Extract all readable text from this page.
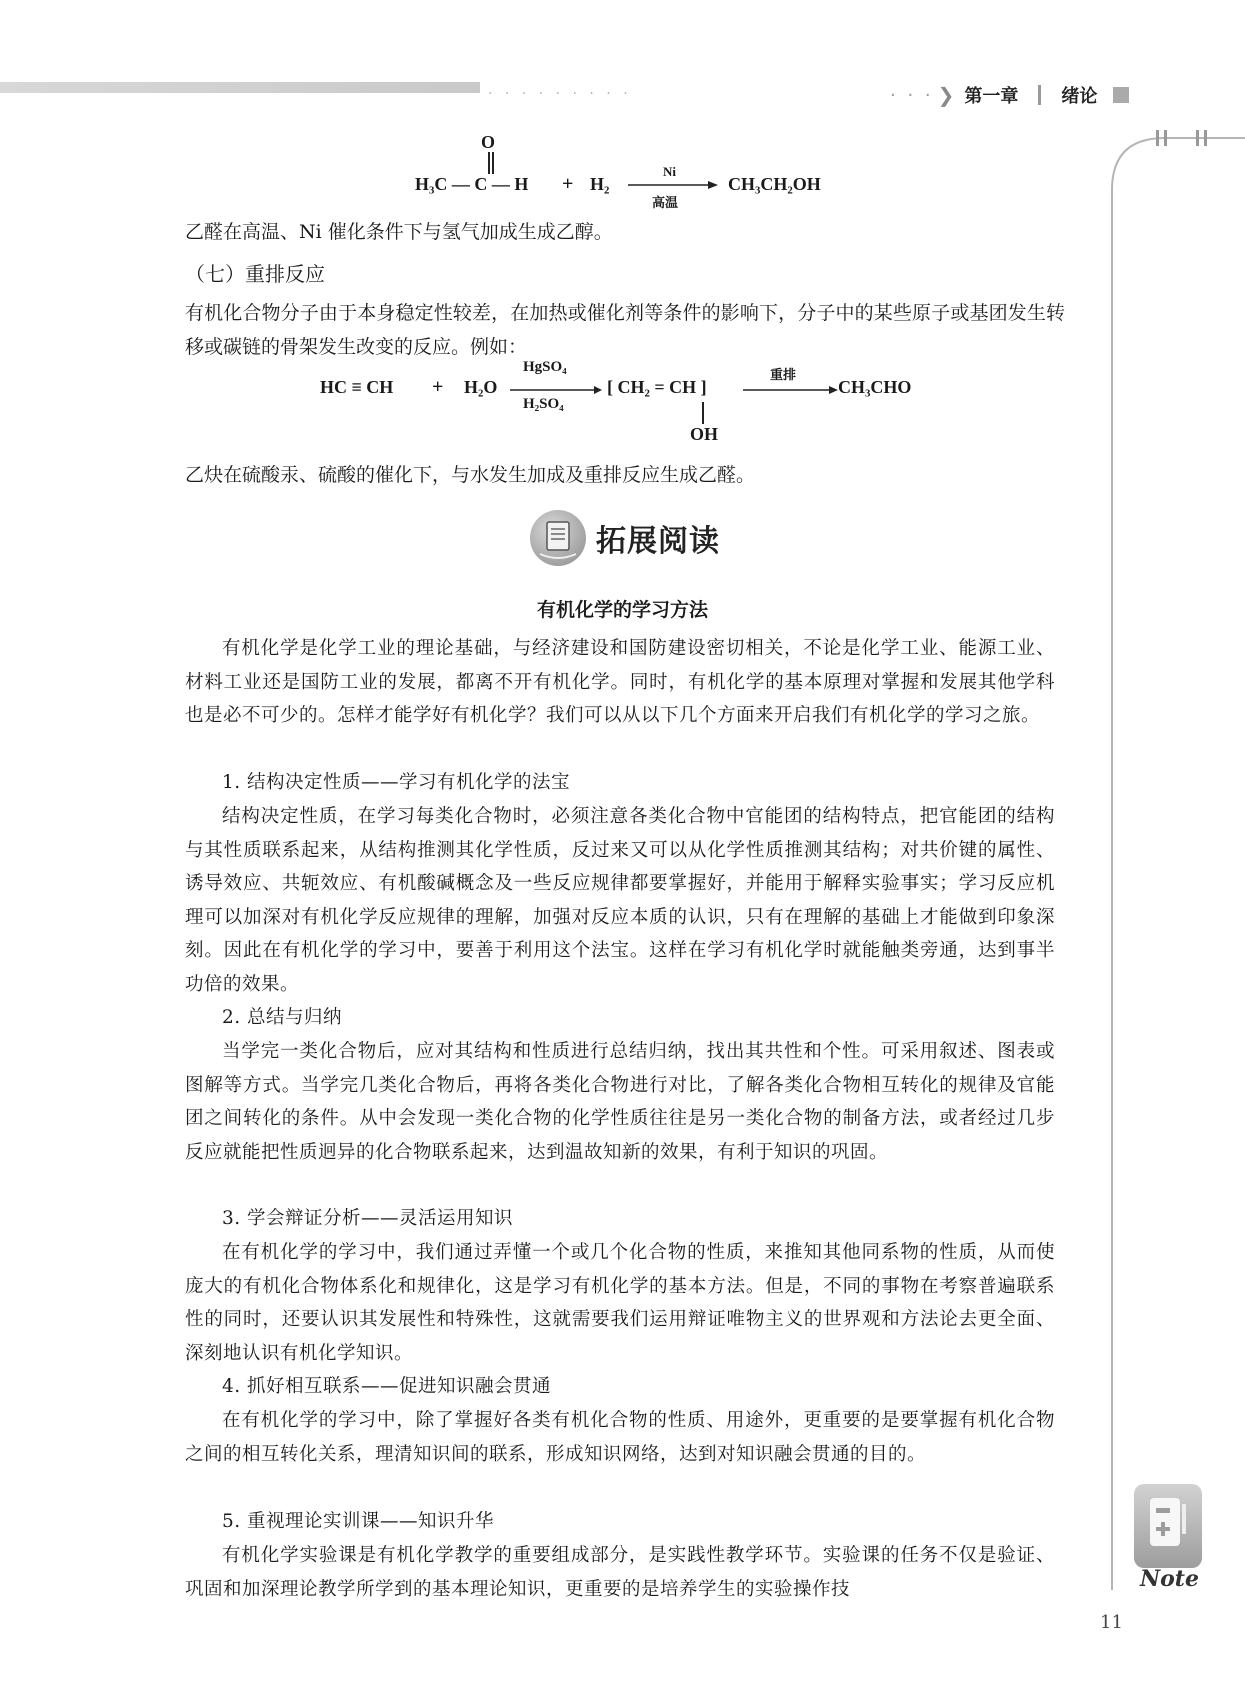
· · · · · · · · ·	· · · ❯ 第一章 绪论
O
H₃C — C — H + H₂
Ni
高温
CH₃CH₂OH
乙醛在高温、Ni 催化条件下与氢气加成生成乙醇。
（七）重排反应
有机化合物分子由于本身稳定性较差，在加热或催化剂等条件的影响下，分子中的某些原子或基团发生转移或碳链的骨架发生改变的反应。例如：
HC ≡ CH + H₂O
HgSO₄
H₂SO₄
[ CH₂ = CH ]
OH
重排
CH₃CHO
乙炔在硫酸汞、硫酸的催化下，与水发生加成及重排反应生成乙醛。
拓展阅读
有机化学的学习方法
有机化学是化学工业的理论基础，与经济建设和国防建设密切相关，不论是化学工业、能源工业、材料工业还是国防工业的发展，都离不开有机化学。同时，有机化学的基本原理对掌握和发展其他学科也是必不可少的。怎样才能学好有机化学？我们可以从以下几个方面来开启我们有机化学的学习之旅。
1. 结构决定性质——学习有机化学的法宝
结构决定性质，在学习每类化合物时，必须注意各类化合物中官能团的结构特点，把官能团的结构与其性质联系起来，从结构推测其化学性质，反过来又可以从化学性质推测其结构；对共价键的属性、诱导效应、共轭效应、有机酸碱概念及一些反应规律都要掌握好，并能用于解释实验事实；学习反应机理可以加深对有机化学反应规律的理解，加强对反应本质的认识，只有在理解的基础上才能做到印象深刻。因此在有机化学的学习中，要善于利用这个法宝。这样在学习有机化学时就能触类旁通，达到事半功倍的效果。
2. 总结与归纳
当学完一类化合物后，应对其结构和性质进行总结归纳，找出其共性和个性。可采用叙述、图表或图解等方式。当学完几类化合物后，再将各类化合物进行对比，了解各类化合物相互转化的规律及官能团之间转化的条件。从中会发现一类化合物的化学性质往往是另一类化合物的制备方法，或者经过几步反应就能把性质迥异的化合物联系起来，达到温故知新的效果，有利于知识的巩固。
3. 学会辩证分析——灵活运用知识
在有机化学的学习中，我们通过弄懂一个或几个化合物的性质，来推知其他同系物的性质，从而使庞大的有机化合物体系化和规律化，这是学习有机化学的基本方法。但是，不同的事物在考察普遍联系性的同时，还要认识其发展性和特殊性，这就需要我们运用辩证唯物主义的世界观和方法论去更全面、深刻地认识有机化学知识。
4. 抓好相互联系——促进知识融会贯通
在有机化学的学习中，除了掌握好各类有机化合物的性质、用途外，更重要的是要掌握有机化合物之间的相互转化关系，理清知识间的联系，形成知识网络，达到对知识融会贯通的目的。
5. 重视理论实训课——知识升华
有机化学实验课是有机化学教学的重要组成部分，是实践性教学环节。实验课的任务不仅是验证、巩固和加深理论教学所学到的基本理论知识，更重要的是培养学生的实验操作技	Note
11
